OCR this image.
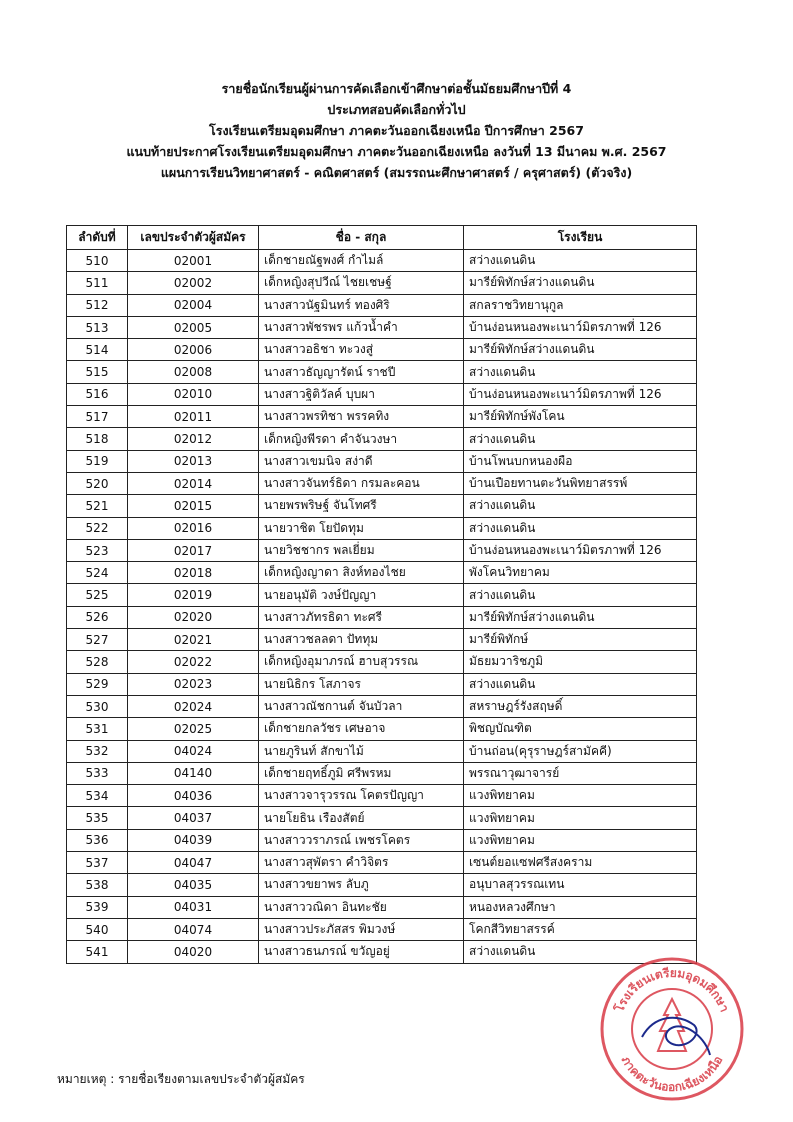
รายชื่อนักเรียนผู้ผ่านการคัดเลือกเข้าศึกษาต่อชั้นมัธยมศึกษาปีที่ 4
ประเภทสอบคัดเลือกทั่วไป
โรงเรียนเตรียมอุดมศึกษา ภาคตะวันออกเฉียงเหนือ ปีการศึกษา 2567
แนบท้ายประกาศโรงเรียนเตรียมอุดมศึกษา ภาคตะวันออกเฉียงเหนือ ลงวันที่ 13 มีนาคม พ.ศ. 2567
แผนการเรียนวิทยาศาสตร์ - คณิตศาสตร์ (สมรรถนะศึกษาศาสตร์ / ครุศาสตร์) (ตัวจริง)
ลำดับที่	เลขประจำตัวผู้สมัคร	ชื่อ - สกุล	โรงเรียน
510	02001	เด็กชายณัฐพงศ์ กำไมล์	สว่างแดนดิน
511	02002	เด็กหญิงสุปวีณ์ ไชยเชษฐ์	มารีย์พิทักษ์สว่างแดนดิน
512	02004	นางสาวนัฐมินทร์ ทองศิริ	สกลราชวิทยานุกูล
513	02005	นางสาวพัชรพร แก้วน้ำคำ	บ้านง่อนหนองพะเนาว์มิตรภาพที่ 126
514	02006	นางสาวอธิชา ทะวงสู่	มารีย์พิทักษ์สว่างแดนดิน
515	02008	นางสาวธัญญารัตน์ ราชปี	สว่างแดนดิน
516	02010	นางสาวฐิติวัลค์ บุบผา	บ้านง่อนหนองพะเนาว์มิตรภาพที่ 126
517	02011	นางสาวพรทิชา พรรคทิง	มารีย์พิทักษ์พังโคน
518	02012	เด็กหญิงพีรดา คำจันวงษา	สว่างแดนดิน
519	02013	นางสาวเขมนิจ สง่าดี	บ้านโพนบกหนองผือ
520	02014	นางสาวจันทร์ธิดา กรมละคอน	บ้านเปือยทานตะวันพิทยาสรรพ์
521	02015	นายพรพริษฐ์ จันโทศรี	สว่างแดนดิน
522	02016	นายวาชิต โยปัดทุม	สว่างแดนดิน
523	02017	นายวิชชากร พลเยี่ยม	บ้านง่อนหนองพะเนาว์มิตรภาพที่ 126
524	02018	เด็กหญิงญาดา สิงห์ทองไชย	พังโคนวิทยาคม
525	02019	นายอนุมัติ วงษ์ปัญญา	สว่างแดนดิน
526	02020	นางสาวภัทรธิดา ทะศรี	มารีย์พิทักษ์สว่างแดนดิน
527	02021	นางสาวชลลดา ปัททุม	มารีย์พิทักษ์
528	02022	เด็กหญิงอุมาภรณ์ ฮาบสุวรรณ	มัธยมวาริชภูมิ
529	02023	นายนิธิกร โสภาจร	สว่างแดนดิน
530	02024	นางสาวณัชกานต์ จันบัวลา	สหราษฎร์รังสฤษดิ์
531	02025	เด็กชายกลวัชร เศษอาจ	พิชญบัณฑิต
532	04024	นายภูรินท์ สักขาไม้	บ้านถ่อน(คุรุราษฎร์สามัคคี)
533	04140	เด็กชายฤทธิ์ภูมิ ศรีพรหม	พรรณาวุฒาจารย์
534	04036	นางสาวจารุวรรณ โคตรปัญญา	แวงพิทยาคม
535	04037	นายโยธิน เรืองสัตย์	แวงพิทยาคม
536	04039	นางสาววราภรณ์ เพชรโคตร	แวงพิทยาคม
537	04047	นางสาวสุพัตรา คำวิจิตร	เซนต์ยอแซฟศรีสงคราม
538	04035	นางสาวขยาพร ลับภู	อนุบาลสุวรรณเทน
539	04031	นางสาววณิดา อินทะชัย	หนองหลวงศึกษา
540	04074	นางสาวประภัสสร พิมวงษ์	โคกสีวิทยาสรรค์
541	04020	นางสาวธนภรณ์ ขวัญอยู่	สว่างแดนดิน
หมายเหตุ : รายชื่อเรียงตามเลขประจำตัวผู้สมัคร
โรงเรียนเตรียมอุดมศึกษา
ภาคตะวันออกเฉียงเหนือ
